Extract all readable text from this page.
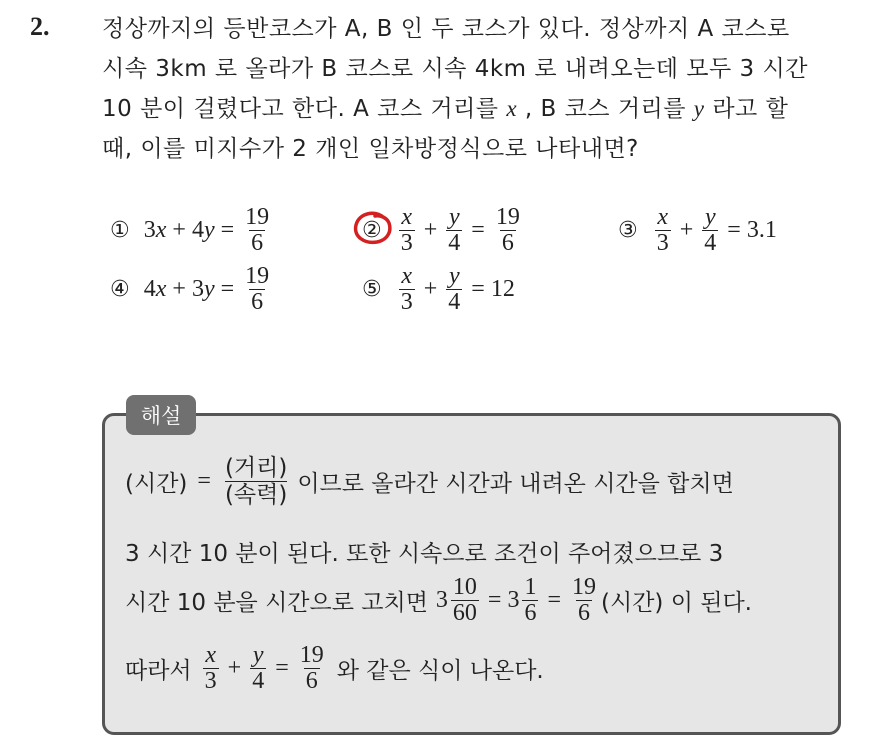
2. 정상까지의 등반코스가 A, B 인 두 코스가 있다. 정상까지 A 코스로
시속 3km 로 올라가 B 코스로 시속 4km 로 내려오는데 모두 3 시간
10 분이 걸렸다고 한다. A 코스 거리를 x , B 코스 거리를 y 라고 할
때, 이를 미지수가 2 개인 일차방정식으로 나타내면?
① 3 x + 4 $y = \frac{19}{6}$	② $\frac{x}{3} + \frac{y}{4} = \frac{19}{6}$	③ $\frac{x}{3} + \frac{y}{4} = 3.1$
④ 4 x + 3 $y = \frac{19}{6}$	⑤ $\frac{x}{3} + \frac{y}{4} = 12$
해설
(시간) =
(거리)
(속력) 이므로 올라간 시간과 내려온 시간을 합치면
3 시간 10 분이 된다. 또한 시속으로 조건이 주어졌으므로 3
시간 10 분을 시간으로 고치면 $3 \frac{10}{60} = 3 \frac{1}{6} = \frac{19}{6}$ (시간) 이 된다.
따라서 $\frac{x}{3} + \frac{y}{4} = \frac{19}{6}$ 와 같은 식이 나온다.
